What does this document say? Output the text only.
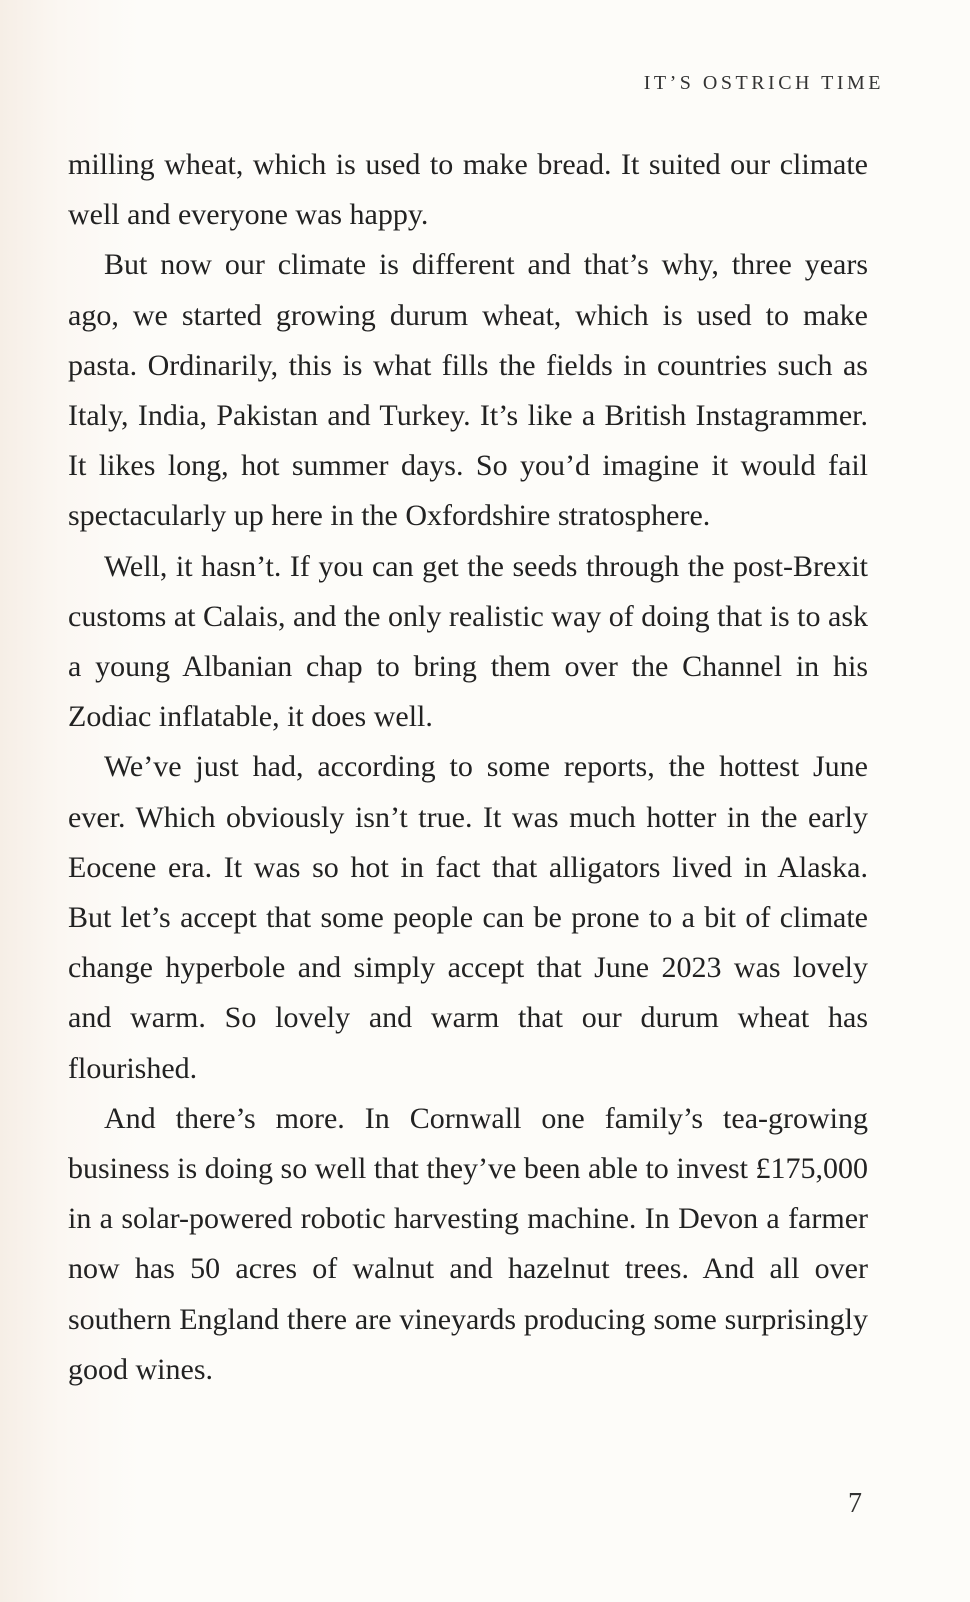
IT’S OSTRICH TIME

milling wheat, which is used to make bread. It suited our climate well and everyone was happy.

But now our climate is different and that’s why, three years ago, we started growing durum wheat, which is used to make pasta. Ordinarily, this is what fills the fields in countries such as Italy, India, Pakistan and Turkey. It’s like a British Instagrammer. It likes long, hot summer days. So you’d imagine it would fail spectacularly up here in the Oxfordshire stratosphere.

Well, it hasn’t. If you can get the seeds through the post-Brexit customs at Calais, and the only realistic way of doing that is to ask a young Albanian chap to bring them over the Channel in his Zodiac inflatable, it does well.

We’ve just had, according to some reports, the hottest June ever. Which obviously isn’t true. It was much hotter in the early Eocene era. It was so hot in fact that alligators lived in Alaska. But let’s accept that some people can be prone to a bit of climate change hyperbole and simply accept that June 2023 was lovely and warm. So lovely and warm that our durum wheat has flourished.

And there’s more. In Cornwall one family’s tea-growing business is doing so well that they’ve been able to invest £175,000 in a solar-powered robotic harvesting machine. In Devon a farmer now has 50 acres of walnut and hazelnut trees. And all over southern England there are vineyards producing some surprisingly good wines.

7
